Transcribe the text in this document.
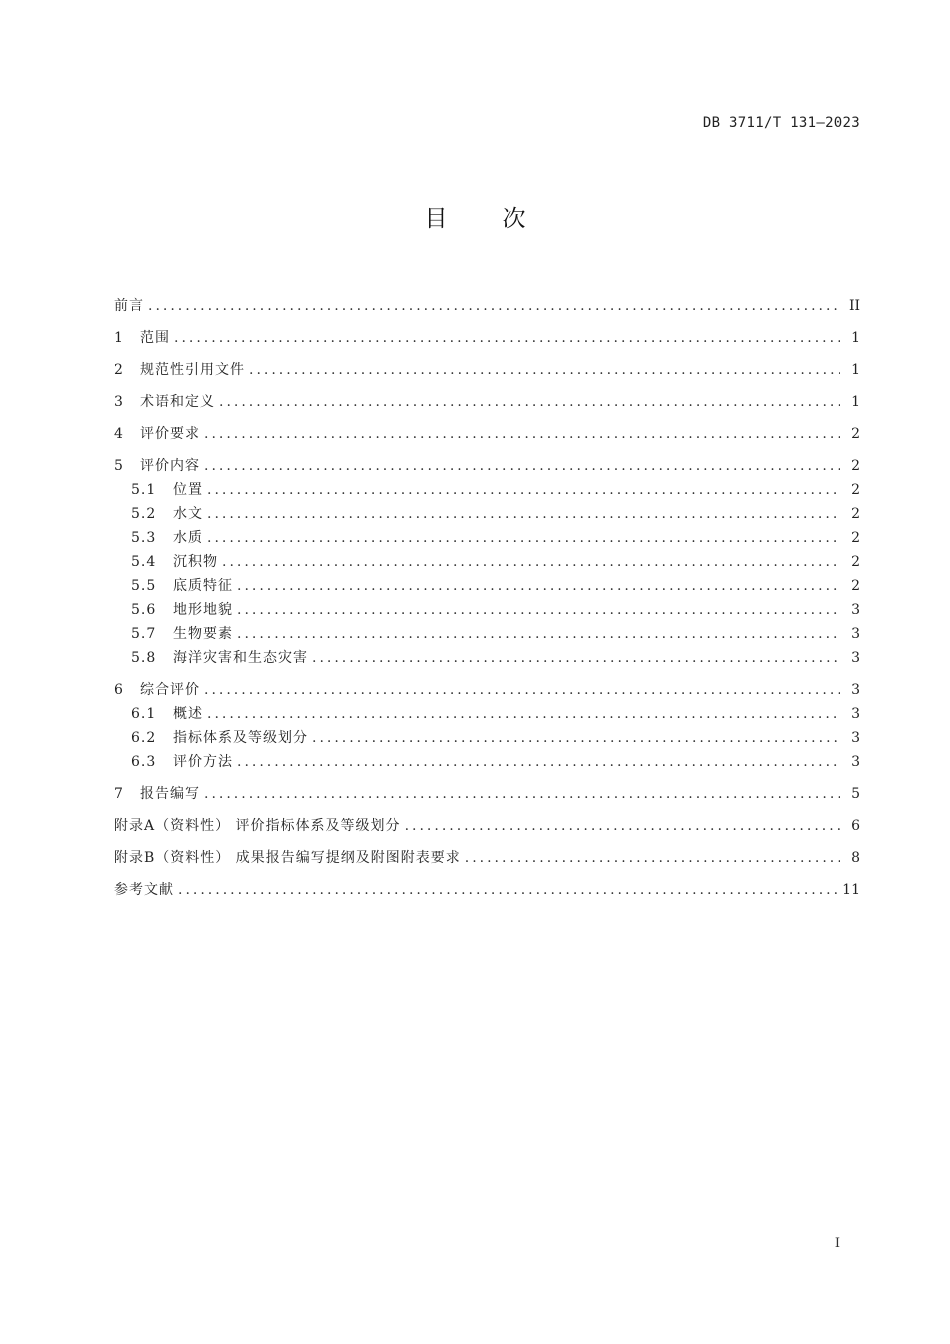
DB 3711/T 131—2023
目次
前言 .....	II
1	范围 .....	1
2	规范性引用文件 .....	1
3	术语和定义 .....	1
4	评价要求 .....	2
5	评价内容 .....	2
5.1	位置 .....	2
5.2	水文 .....	2
5.3	水质 .....	2
5.4	沉积物 .....	2
5.5	底质特征 .....	2
5.6	地形地貌 .....	3
5.7	生物要素 .....	3
5.8	海洋灾害和生态灾害 .....	3
6	综合评价 .....	3
6.1	概述 .....	3
6.2	指标体系及等级划分 .....	3
6.3	评价方法 .....	3
7	报告编写 .....	5
附录A（资料性） 评价指标体系及等级划分 .....	6
附录B（资料性） 成果报告编写提纲及附图附表要求 .....	8
参考文献 .....	11
I
